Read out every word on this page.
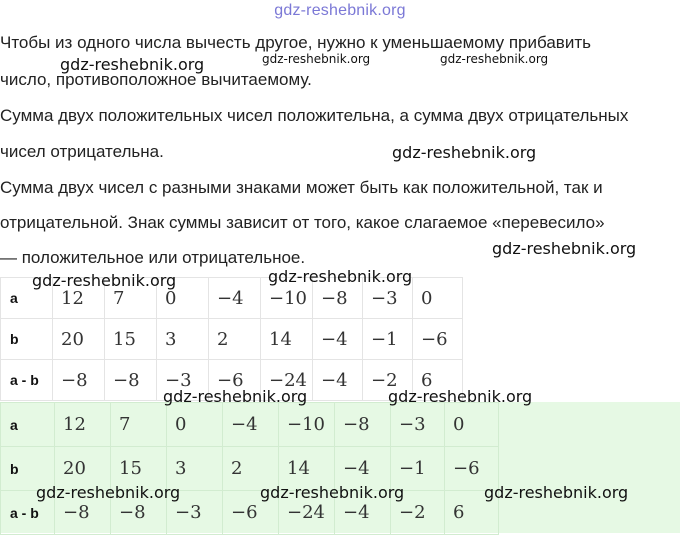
gdz-reshebnik.org

Чтобы из одного числа вычесть другое, нужно к уменьшаемому прибавить

число, противоположное вычитаемому.

Сумма двух положительных чисел положительна, а сумма двух отрицательных

чисел отрицательна.

Сумма двух чисел с разными знаками может быть как положительной, так и

отрицательной. Знак суммы зависит от того, какое слагаемое «перевесило»

— положительное или отрицательное.

a	12	7	0	−4	−10	−8	−3	0
b	20	15	3	2	14	−4	−1	−6
a - b	−8	−8	−3	−6	−24	−4	−2	6
a	12	7	0	−4	−10	−8	−3	0
b	20	15	3	2	14	−4	−1	−6
a - b	−8	−8	−3	−6	−24	−4	−2	6
gdz-reshebnik.org	gdz-reshebnik.org	gdz-reshebnik.org
gdz-reshebnik.org
gdz-reshebnik.org
gdz-reshebnik.org	gdz-reshebnik.org
gdz-reshebnik.org	gdz-reshebnik.org
gdz-reshebnik.org	gdz-reshebnik.org	gdz-reshebnik.org
